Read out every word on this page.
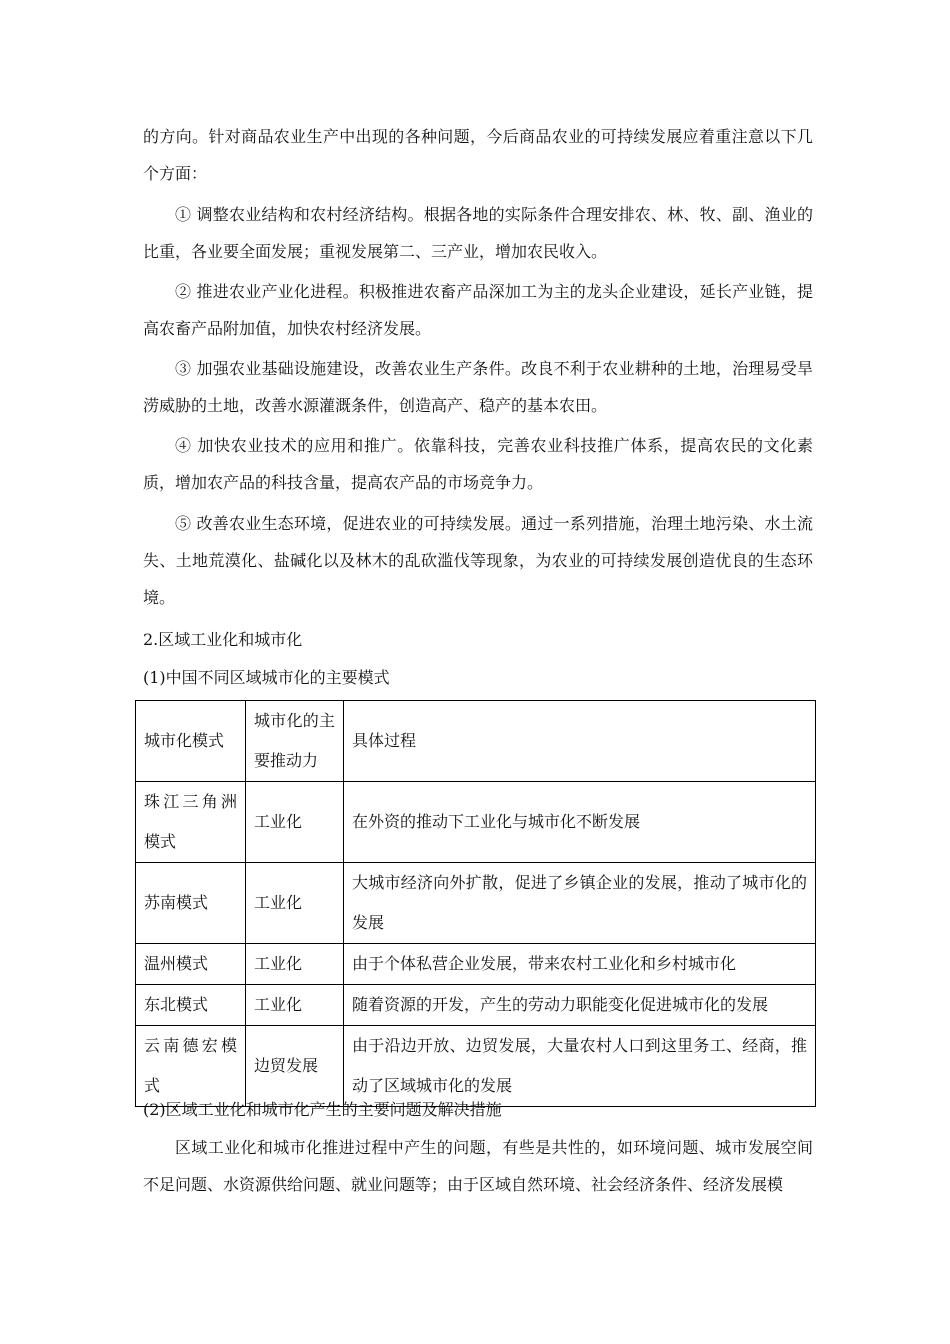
的方向。针对商品农业生产中出现的各种问题，今后商品农业的可持续发展应着重注意以下几个方面：

① 调整农业结构和农村经济结构。根据各地的实际条件合理安排农、林、牧、副、渔业的比重，各业要全面发展；重视发展第二、三产业，增加农民收入。

② 推进农业产业化进程。积极推进农畜产品深加工为主的龙头企业建设，延长产业链，提高农畜产品附加值，加快农村经济发展。

③ 加强农业基础设施建设，改善农业生产条件。改良不利于农业耕种的土地，治理易受旱涝威胁的土地，改善水源灌溉条件，创造高产、稳产的基本农田。

④ 加快农业技术的应用和推广。依靠科技，完善农业科技推广体系，提高农民的文化素质，增加农产品的科技含量，提高农产品的市场竞争力。

⑤ 改善农业生态环境，促进农业的可持续发展。通过一系列措施，治理土地污染、水土流失、土地荒漠化、盐碱化以及林木的乱砍滥伐等现象，为农业的可持续发展创造优良的生态环境。

2.区域工业化和城市化

(1)中国不同区域城市化的主要模式

城市化模式	城市化的主要推动力	具体过程
珠江三角洲模式	工业化	在外资的推动下工业化与城市化不断发展
苏南模式	工业化	大城市经济向外扩散，促进了乡镇企业的发展，推动了城市化的发展
温州模式	工业化	由于个体私营企业发展，带来农村工业化和乡村城市化
东北模式	工业化	随着资源的开发，产生的劳动力职能变化促进城市化的发展
云南德宏模式	边贸发展	由于沿边开放、边贸发展，大量农村人口到这里务工、经商，推动了区域城市化的发展

(2)区域工业化和城市化产生的主要问题及解决措施

区域工业化和城市化推进过程中产生的问题，有些是共性的，如环境问题、城市发展空间不足问题、水资源供给问题、就业问题等；由于区域自然环境、社会经济条件、经济发展模
